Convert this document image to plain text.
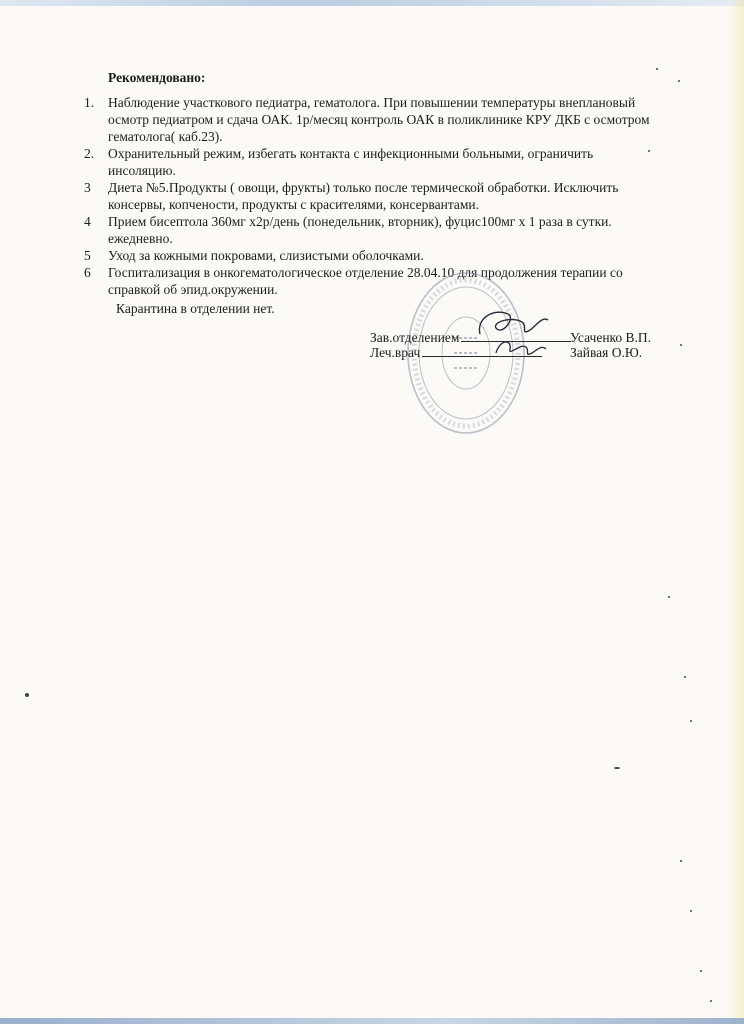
Рекомендовано:
1. Наблюдение участкового педиатра, гематолога. При повышении температуры внеплановый осмотр педиатром и сдача ОАК. 1р/месяц контроль ОАК в поликлинике КРУ ДКБ с осмотром гематолога( каб.23).
2. Охранительный режим, избегать контакта с инфекционными больными, ограничить инсоляцию.
3 Диета №5.Продукты ( овощи, фрукты) только после термической обработки. Исключить консервы, копчености, продукты с красителями, консервантами.
4 Прием бисептола 360мг х2р/день (понедельник, вторник), фуцис100мг х 1 раза в сутки. ежедневно.
5 Уход за кожными покровами, слизистыми оболочками.
6 Госпитализация в онкогематологическое отделение 28.04.10 для продолжения терапии со справкой об эпид.окружении.
Карантина в отделении нет.
Зав.отделением	Усаченко В.П.
Леч.врач	Зайвая О.Ю.
